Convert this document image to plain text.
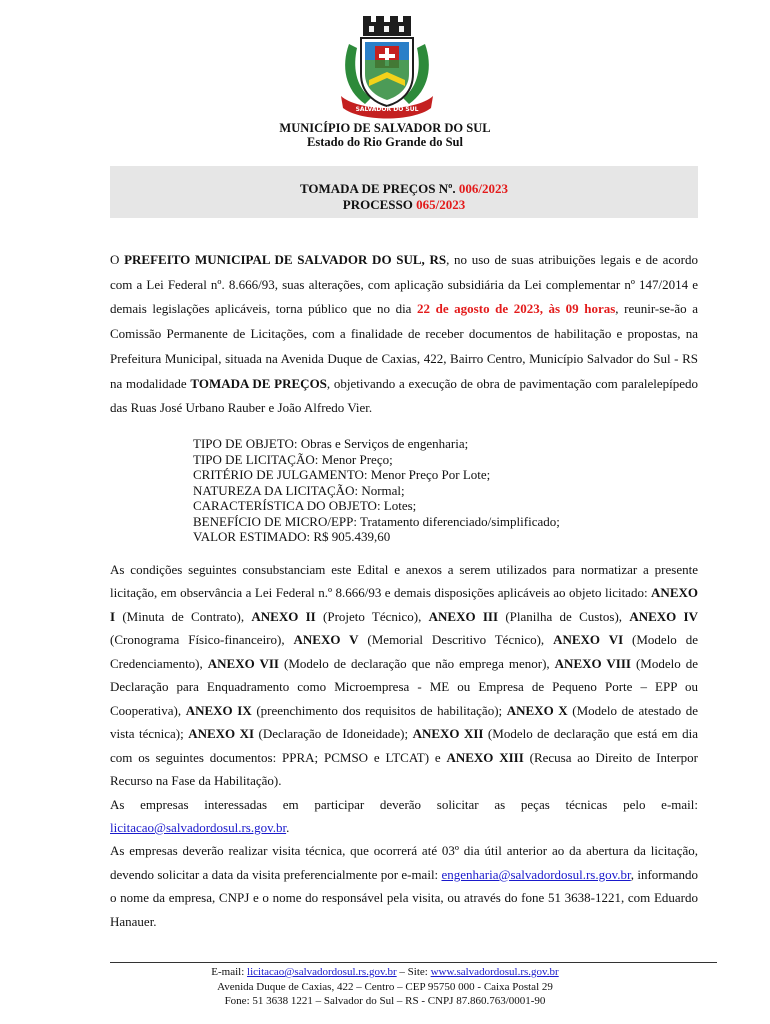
SALVADOR DO SUL
MUNICÍPIO DE SALVADOR DO SUL
Estado do Rio Grande do Sul
TOMADA DE PREÇOS Nº. 006/2023
PROCESSO 065/2023
O PREFEITO MUNICIPAL DE SALVADOR DO SUL, RS, no uso de suas atribuições legais e de acordo com a Lei Federal nº. 8.666/93, suas alterações, com aplicação subsidiária da Lei complementar nº 147/2014 e demais legislações aplicáveis, torna público que no dia 22 de agosto de 2023, às 09 horas, reunir-se-ão a Comissão Permanente de Licitações, com a finalidade de receber documentos de habilitação e propostas, na Prefeitura Municipal, situada na Avenida Duque de Caxias, 422, Bairro Centro, Município Salvador do Sul - RS na modalidade TOMADA DE PREÇOS, objetivando a execução de obra de pavimentação com paralelepípedo das Ruas José Urbano Rauber e João Alfredo Vier.
TIPO DE OBJETO: Obras e Serviços de engenharia;
TIPO DE LICITAÇÃO: Menor Preço;
CRITÉRIO DE JULGAMENTO: Menor Preço Por Lote;
NATUREZA DA LICITAÇÃO: Normal;
CARACTERÍSTICA DO OBJETO: Lotes;
BENEFÍCIO DE MICRO/EPP: Tratamento diferenciado/simplificado;
VALOR ESTIMADO: R$ 905.439,60
As condições seguintes consubstanciam este Edital e anexos a serem utilizados para normatizar a presente licitação, em observância a Lei Federal n.º 8.666/93 e demais disposições aplicáveis ao objeto licitado: ANEXO I (Minuta de Contrato), ANEXO II (Projeto Técnico), ANEXO III (Planilha de Custos), ANEXO IV (Cronograma Físico-financeiro), ANEXO V (Memorial Descritivo Técnico), ANEXO VI (Modelo de Credenciamento), ANEXO VII (Modelo de declaração que não emprega menor), ANEXO VIII (Modelo de Declaração para Enquadramento como Microempresa - ME ou Empresa de Pequeno Porte – EPP ou Cooperativa), ANEXO IX (preenchimento dos requisitos de habilitação); ANEXO X (Modelo de atestado de vista técnica); ANEXO XI (Declaração de Idoneidade); ANEXO XII (Modelo de declaração que está em dia com os seguintes documentos: PPRA; PCMSO e LTCAT) e ANEXO XIII (Recusa ao Direito de Interpor Recurso na Fase da Habilitação).
As empresas interessadas em participar deverão solicitar as peças técnicas pelo e-mail: licitacao@salvadordosul.rs.gov.br.
As empresas deverão realizar visita técnica, que ocorrerá até 03º dia útil anterior ao da abertura da licitação, devendo solicitar a data da visita preferencialmente por e-mail: engenharia@salvadordosul.rs.gov.br, informando o nome da empresa, CNPJ e o nome do responsável pela visita, ou através do fone 51 3638-1221, com Eduardo Hanauer.
E-mail: licitacao@salvadordosul.rs.gov.br – Site: www.salvadordosul.rs.gov.br
Avenida Duque de Caxias, 422 – Centro – CEP 95750 000 - Caixa Postal 29
Fone: 51 3638 1221 – Salvador do Sul – RS - CNPJ 87.860.763/0001-90
